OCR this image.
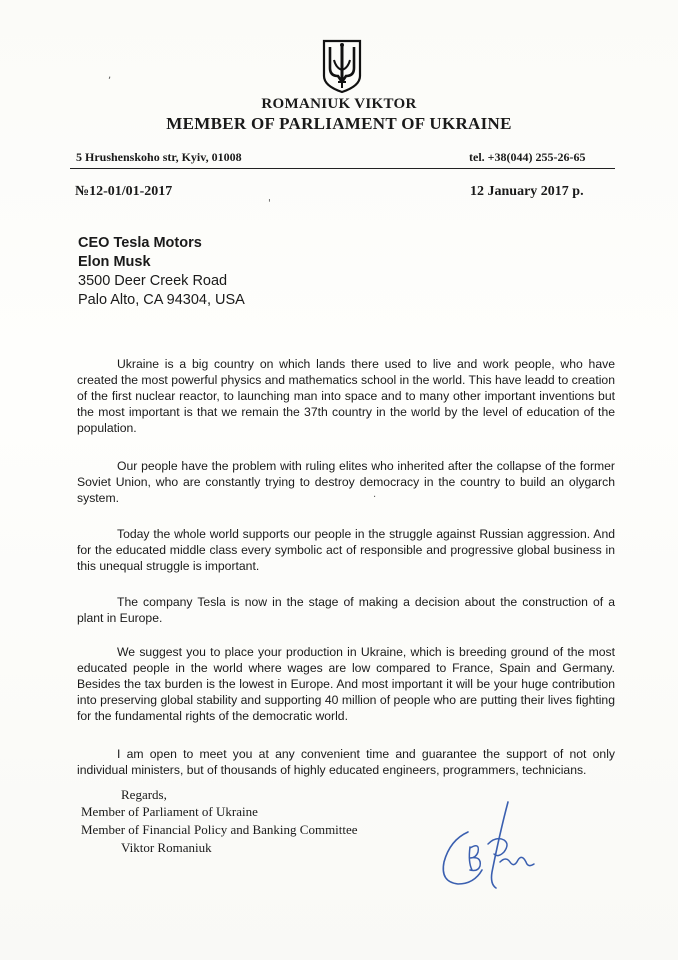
ROMANIUK VIKTOR
MEMBER OF PARLIAMENT OF UKRAINE
5 Hrushenskoho str, Kyiv, 01008	tel. +38(044) 255-26-65
№12-01/01-2017	12 January 2017 p.
,
'
·
CEO Tesla Motors
Elon Musk
3500 Deer Creek Road
Palo Alto, CA 94304, USA

Ukraine is a big country on which lands there used to live and work people, who have created the most powerful physics and mathematics school in the world. This have leadd to creation of the first nuclear reactor, to launching man into space and to many other important inventions but the most important is that we remain the 37th country in the world by the level of education of the population.

Our people have the problem with ruling elites who inherited after the collapse of the former Soviet Union, who are constantly trying to destroy democracy in the country to build an olygarch system.

Today the whole world supports our people in the struggle against Russian aggression. And for the educated middle class every symbolic act of responsible and progressive global business in this unequal struggle is important.

The company Tesla is now in the stage of making a decision about the construction of a plant in Europe.

We suggest you to place your production in Ukraine, which is breeding ground of the most educated people in the world where wages are low compared to France, Spain and Germany. Besides the tax burden is the lowest in Europe. And most important it will be your huge contribution into preserving global stability and supporting 40 million of people who are putting their lives fighting for the fundamental rights of the democratic world.

I am open to meet you at any convenient time and guarantee the support of not only individual ministers, but of thousands of highly educated engineers, programmers, technicians.

Regards,
Member of Parliament of Ukraine
Member of Financial Policy and Banking Committee
Viktor Romaniuk
